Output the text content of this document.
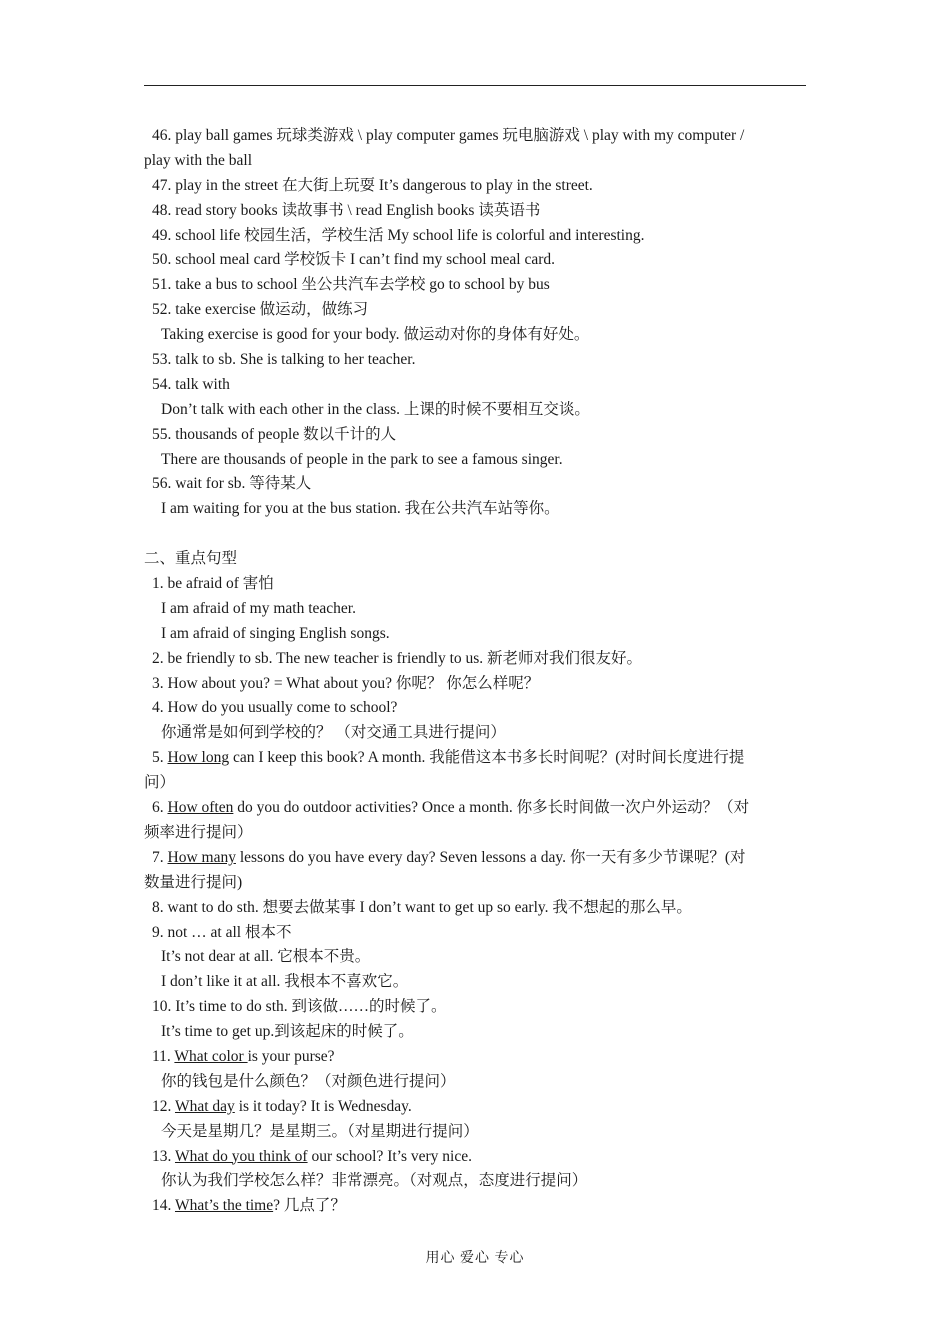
46. play ball games 玩球类游戏 \ play computer games 玩电脑游戏 \ play with my computer /
play with the ball
47. play in the street 在大街上玩耍 It’s dangerous to play in the street.
48. read story books 读故事书 \ read English books 读英语书
49. school life 校园生活，学校生活 My school life is colorful and interesting.
50. school meal card 学校饭卡 I can’t find my school meal card.
51. take a bus to school 坐公共汽车去学校 go to school by bus
52. take exercise 做运动，做练习
Taking exercise is good for your body. 做运动对你的身体有好处。
53. talk to sb. She is talking to her teacher.
54. talk with
Don’t talk with each other in the class. 上课的时候不要相互交谈。
55. thousands of people 数以千计的人
There are thousands of people in the park to see a famous singer.
56. wait for sb. 等待某人
I am waiting for you at the bus station. 我在公共汽车站等你。
二、重点句型
1. be afraid of 害怕
I am afraid of my math teacher.
I am afraid of singing English songs.
2. be friendly to sb. The new teacher is friendly to us. 新老师对我们很友好。
3. How about you? = What about you? 你呢？ 你怎么样呢？
4. How do you usually come to school?
你通常是如何到学校的？ （对交通工具进行提问）
5. How long can I keep this book? A month. 我能借这本书多长时间呢？(对时间长度进行提
问）
6. How often do you do outdoor activities? Once a month. 你多长时间做一次户外运动？（对
频率进行提问）
7. How many lessons do you have every day? Seven lessons a day. 你一天有多少节课呢？(对
数量进行提问)
8. want to do sth. 想要去做某事 I don’t want to get up so early. 我不想起的那么早。
9. not … at all 根本不
It’s not dear at all. 它根本不贵。
I don’t like it at all. 我根本不喜欢它。
10. It’s time to do sth. 到该做……的时候了。
It’s time to get up.到该起床的时候了。
11. What color is your purse?
你的钱包是什么颜色？（对颜色进行提问）
12. What day is it today? It is Wednesday.
今天是星期几？是星期三。（对星期进行提问）
13. What do you think of our school? It’s very nice.
你认为我们学校怎么样？非常漂亮。（对观点，态度进行提问）
14. What’s the time? 几点了？
用心 爱心 专心
